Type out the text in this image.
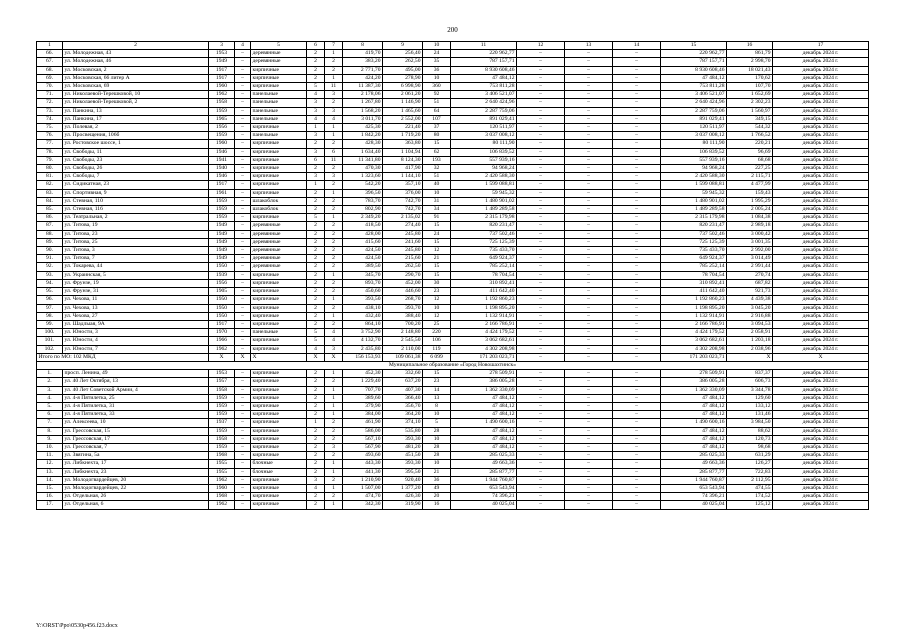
200
1	2	3	4	5	6	7	8	9	10	11	12	13	14	15	16	17
66.	ул. Молодежная, 43	1953	–	деревянные	2	1	419,70	256,40	24	220 962,77	–	–	–	220 962,77	861,79	декабрь 2024 г.
67.	ул. Молодежная, 46	1949	–	деревянные	2	2	383,20	262,50	35	787 157,71	–	–	–	787 157,71	2 998,70	декабрь 2024 г.
68.	ул. Московская, 2	1917	–	кирпичные	2	2	2 771,70	495,00	36	8 930 608,46	–	–	–	8 930 608,46	18 021,43	декабрь 2024 г.
69.	ул. Московская, 66 литер А	1917	–	кирпичные	2	1	424,20	278,90	10	47 484,12	–	–	–	47 484,12	170,62	декабрь 2024 г.
70.	ул. Московская, 69	1960	–	кирпичные	5	11	11 387,30	6 998,90	360	753 811,28	–	–	–	753 811,28	107,70	декабрь 2024 г.
71.	ул. Николаевой-Терешковой, 10	1962	–	панельные	4	3	2 178,06	2 061,20	92	3 406 521,07	–	–	–	3 406 521,07	1 652,69	декабрь 2024 г.
72.	ул. Николаевой-Терешковой, 2	1958	–	панельные	3	2	1 267,80	1 146,90	51	2 640 424,96	–	–	–	2 640 424,96	2 302,23	декабрь 2024 г.
73.	ул. Панкина, 13	1959	–	панельные	3	3	1 568,20	1 465,60	64	2 287 759,06	–	–	–	2 287 759,06	1 560,97	декабрь 2024 г.
74.	ул. Панкина, 17	1965	–	панельные	4	4	3 011,70	2 552,00	107	891 029,41	–	–	–	891 029,41	349,15	декабрь 2024 г.
75.	ул. Полевая, 2	1956	–	кирпичные	1	1	425,30	221,40	37	120 511,97	–	–	–	120 511,97	544,32	декабрь 2024 г.
76.	ул. Просвещения, 106б	1959	–	панельные	3	1	1 842,20	1 719,20	80	3 037 008,12	–	–	–	3 037 008,12	1 766,52	декабрь 2024 г.
77.	ул. Ростовское шоссе, 1	1960	–	кирпичные	2	2	428,30	363,80	15	80 111,90	–	–	–	80 111,90	220,21	декабрь 2024 г.
78.	ул. Свободы, 11	1946	–	кирпичные	3	6	1 634,40	1 104,94	62	106 839,52	–	–	–	106 839,52	96,69	декабрь 2024 г.
79.	ул. Свободы, 23	1941	–	кирпичные	6	11	11 341,80	8 124,30	193	557 939,16	–	–	–	557 939,16	68,68	декабрь 2024 г.
80.	ул. Свободы, 26	1940	–	кирпичные	2	2	470,30	417,90	32	94 968,24	–	–	–	94 968,24	227,25	декабрь 2024 г.
81.	ул. Свободы, 7	1946	–	кирпичные	3	3	1 323,60	1 144,10	51	2 420 588,30	–	–	–	2 420 588,30	2 115,71	декабрь 2024 г.
82.	ул. Сидикатная, 23	1917	–	кирпичные	1	2	542,20	357,10	40	1 599 088,81	–	–	–	1 599 088,81	4 477,99	декабрь 2024 г.
83.	ул. Спортивная, 9	1961	–	кирпичные	2	1	396,50	376,00	10	59 945,32	–	–	–	59 945,32	159,43	декабрь 2024 г.
84.	ул. Стевная, 110	1959	–	шлакоблок	2	2	783,70	742,70	31	1 480 901,02	–	–	–	1 480 901,02	1 995,29	декабрь 2024 г.
85.	ул. Стевная, 116	1959	–	шлакоблок	2	2	802,90	742,70	34	1 489 289,58	–	–	–	1 489 289,58	2 005,24	декабрь 2024 г.
86.	ул. Театральная, 2	1959	–	кирпичные	5	1	2 349,20	2 135,02	91	2 315 179,98	–	–	–	2 315 179,98	1 084,38	декабрь 2024 г.
87.	ул. Титова, 19	1949	–	деревянные	2	2	418,50	274,40	15	820 231,47	–	–	–	820 231,47	2 989,18	декабрь 2024 г.
88.	ул. Титова, 23	1949	–	деревянные	2	2	428,00	245,80	24	737 502,46	–	–	–	737 502,46	3 000,42	декабрь 2024 г.
89.	ул. Титова, 25	1949	–	деревянные	2	2	415,60	241,60	15	725 125,39	–	–	–	725 125,39	3 001,35	декабрь 2024 г.
90.	ул. Титова, 3	1949	–	деревянные	2	2	424,50	245,80	12	735 433,70	–	–	–	735 433,70	2 992,00	декабрь 2024 г.
91.	ул. Титова, 7	1949	–	деревянные	2	2	424,50	215,60	21	649 924,37	–	–	–	649 924,37	3 014,49	декабрь 2024 г.
92.	ул. Токарева, 44	1950	–	деревянные	2	2	389,50	262,50	15	785 252,14	–	–	–	785 252,14	2 991,44	декабрь 2024 г.
93.	ул. Украинская, 5	1939	–	кирпичные	2	1	345,70	290,70	15	78 704,54	–	–	–	78 704,54	270,74	декабрь 2024 г.
94.	ул. Фрунзе, 19	1956	–	кирпичные	2	2	893,70	452,00	30	310 892,41	–	–	–	310 892,41	687,82	декабрь 2024 г.
95.	ул. Фрунзе, 31	1905	–	кирпичные	2	2	450,60	446,60	23	411 642,40	–	–	–	411 642,40	921,73	декабрь 2024 г.
96.	ул. Чехова, 11	1950	–	кирпичные	2	1	393,50	268,70	12	1 192 860,23	–	–	–	1 192 860,23	4 439,38	декабрь 2024 г.
97.	ул. Чехова, 13	1950	–	кирпичные	2	2	438,10	393,70	10	1 198 895,20	–	–	–	1 198 895,20	3 045,20	декабрь 2024 г.
98.	ул. Чехова, 27	1950	–	кирпичные	2	1	432,40	388,40	12	1 132 914,91	–	–	–	1 132 914,91	2 916,88	декабрь 2024 г.
99.	ул. Шадлыая, 9А	1917	–	кирпичные	2	2	864,10	700,20	25	2 166 786,91	–	–	–	2 166 786,91	3 094,53	декабрь 2024 г.
100.	ул. Юности, 3	1970	–	панельные	5	4	3 752,90	2 148,80	220	4 424 179,52	–	–	–	4 424 179,52	2 058,91	декабрь 2024 г.
101.	ул. Юности, 4	1966	–	кирпичные	5	4	4 132,70	2 545,50	106	3 062 682,61	–	–	–	3 062 682,61	1 203,18	декабрь 2024 г.
102.	ул. Юности, 7	1962	–	кирпичные	4	3	2 435,80	2 110,00	119	4 302 208,98	–	–	–	4 302 208,98	2 038,96	декабрь 2024 г.
Итого по МО: 102 МКД		X	X	X	X	X	156 153,93	109 061,38	6 099	171 203 023,71	–	–	–	171 203 023,71	X	X
Муниципальное образование «Город Новошахтинск»																
1.	просп. Ленина, 49	1953	–	кирпичные	2	1	452,30	332,60	15	278 509,91	–	–	–	278 509,91	837,37	декабрь 2024 г.
2.	ул. 40 Лет Октября, 13	1957	–	кирпичные	2	2	1 229,40	637,20	23	386 005,28	–	–	–	386 005,28	606,73	декабрь 2024 г.
3.	ул. 40 Лет Советской Армии, 4	1958	–	кирпичные	2	1	707,70	407,30	14	1 362 330,09	–	–	–	1 362 330,09	3 344,78	декабрь 2024 г.
4.	ул. 4-я Пятилетка, 25	1959	–	кирпичные	2	1	389,60	366,40	13	47 484,12	–	–	–	47 484,12	129,60	декабрь 2024 г.
5.	ул. 4-я Пятилетка, 31	1959	–	кирпичные	2	1	379,90	356,70	8	47 484,12	–	–	–	47 484,12	133,12	декабрь 2024 г.
6.	ул. 4-я Пятилетка, 33	1959	–	кирпичные	2	1	384,00	364,20	10	47 484,12	–	–	–	47 484,12	131,46	декабрь 2024 г.
7.	ул. Алексеева, 10	1937	–	кирпичные	1	2	461,90	374,10	5	1 490 600,16	–	–	–	1 490 600,16	3 984,50	декабрь 2024 г.
8.	ул. Грессовская, 15	1959	–	кирпичные	2	2	586,00	535,80	28	47 484,12	–	–	–	47 484,12	88,62	декабрь 2024 г.
9.	ул. Грессовская, 17	1958	–	кирпичные	2	2	567,10	393,30	10	47 484,12	–	–	–	47 484,12	120,73	декабрь 2024 г.
10.	ул. Грессовская, 7	1959	–	кирпичные	2	3	567,90	481,20	28	47 484,12	–	–	–	47 484,12	98,68	декабрь 2024 г.
11.	ул. Звягина, 5а	1968	–	кирпичные	2	2	493,60	451,50	28	285 025,33	–	–	–	285 025,33	631,29	декабрь 2024 г.
12.	ул. Либкнехта, 17	1955	–	блочные	2	1	443,30	393,30	10	49 663,36	–	–	–	49 663,36	126,27	декабрь 2024 г.
13.	ул. Либкнехта, 23	1955	–	блочные	2	1	441,30	395,50	21	285 877,77	–	–	–	285 877,77	722,83	декабрь 2024 г.
14.	ул. Молодогвардейцев, 20	1962	–	кирпичные	3	2	1 210,90	920,40	36	1 944 760,87	–	–	–	1 944 760,87	2 112,95	декабрь 2024 г.
15.	ул. Молодогвардейцев, 22	1960	–	кирпичные	4	1	1 507,00	1 377,20	49	653 543,94	–	–	–	653 543,94	474,55	декабрь 2024 г.
16.	ул. Отдельная, 26	1968	–	кирпичные	2	2	474,70	426,30	20	74 396,21	–	–	–	74 396,21	174,52	декабрь 2024 г.
17.	ул. Отдельная, 6	1962	–	кирпичные	2	1	342,30	319,90	16	40 025,04	–	–	–	40 025,04	125,12	декабрь 2024 г.
Y:\ORST\Ppo\0530p456.f23.docx
